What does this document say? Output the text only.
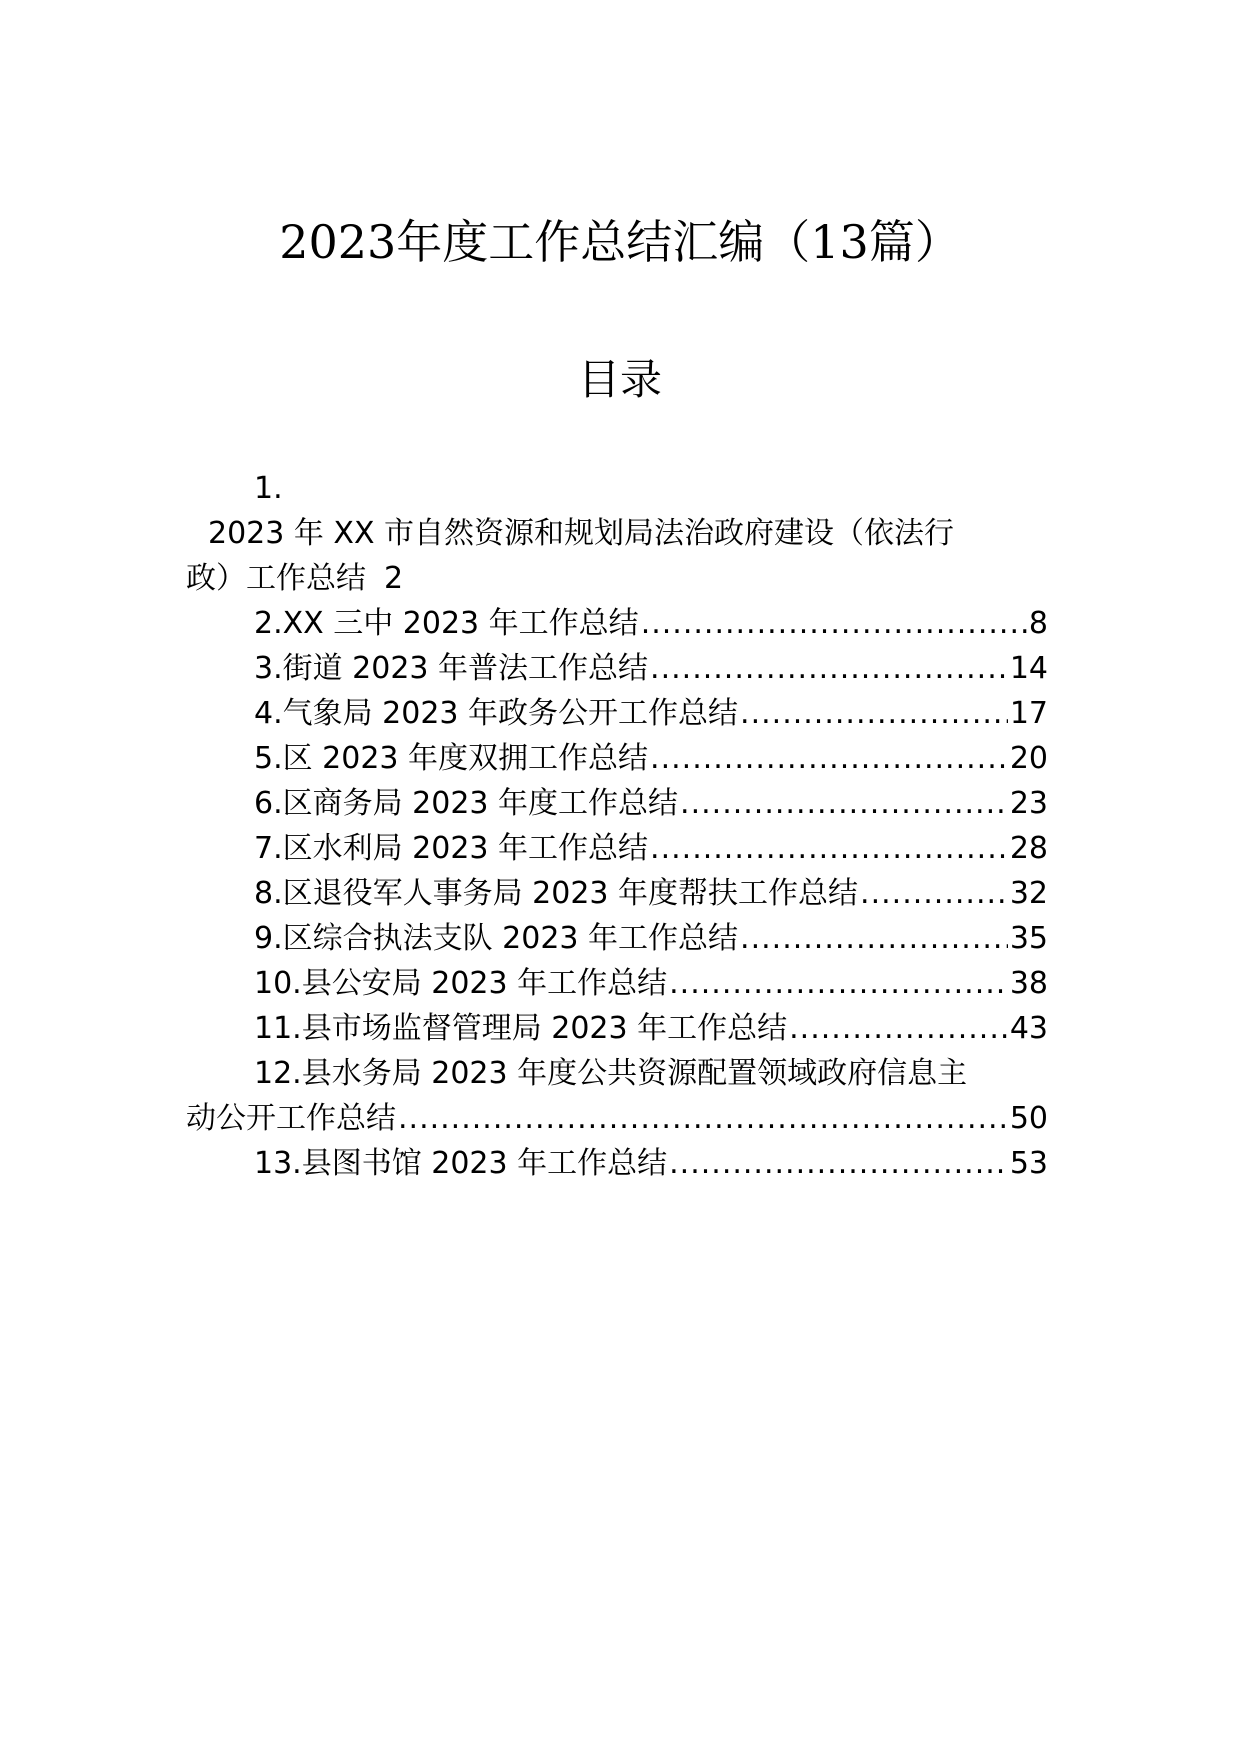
2023年度工作总结汇编（13篇）
目录
1.
2023 年 XX 市自然资源和规划局法治政府建设（依法行
政）工作总结 2
2.XX 三中 2023 年工作总结 .....	8
3.街道 2023 年普法工作总结 .....	14
4.气象局 2023 年政务公开工作总结 .....	17
5.区 2023 年度双拥工作总结 .....	20
6.区商务局 2023 年度工作总结 .....	23
7.区水利局 2023 年工作总结 .....	28
8.区退役军人事务局 2023 年度帮扶工作总结 .....	32
9.区综合执法支队 2023 年工作总结 .....	35
10.县公安局 2023 年工作总结 .....	38
11.县市场监督管理局 2023 年工作总结 .....	43
12.县水务局 2023 年度公共资源配置领域政府信息主
动公开工作总结 .....	50
13.县图书馆 2023 年工作总结 .....	53
